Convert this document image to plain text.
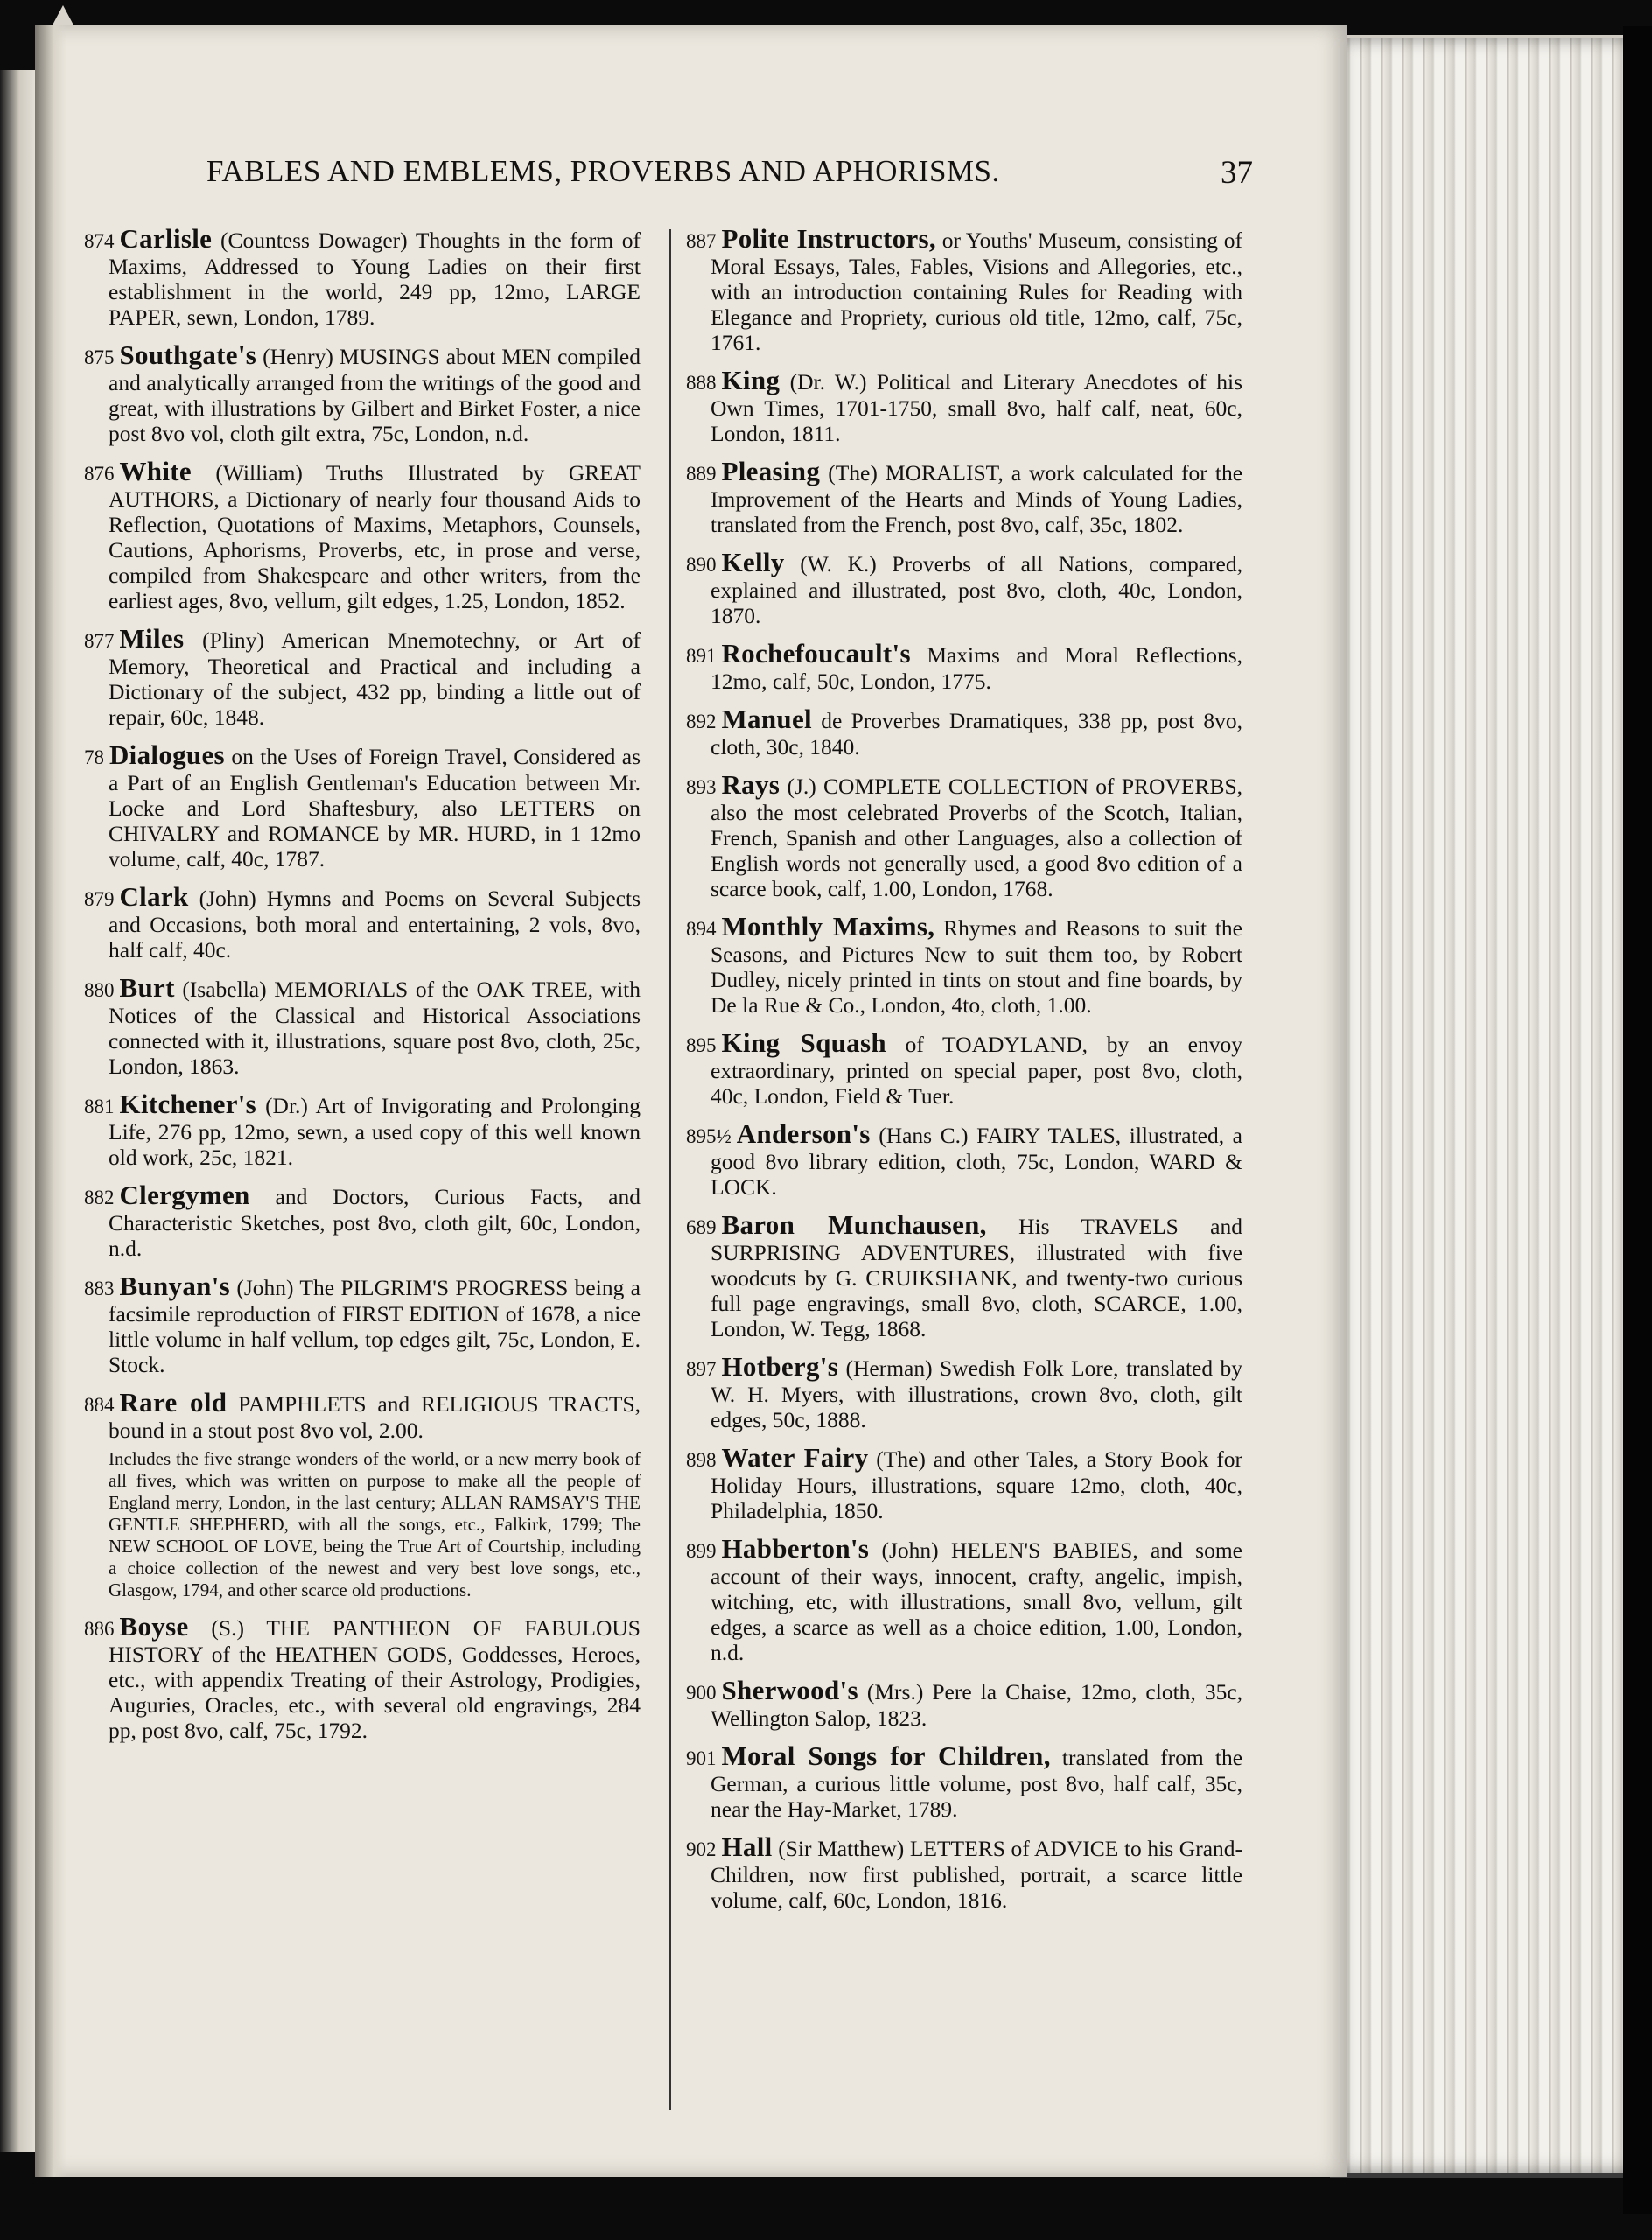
FABLES AND EMBLEMS, PROVERBS AND APHORISMS.	37

874 Carlisle (Countess Dowager) Thoughts in the form of Maxims, Addressed to Young Ladies on their first establishment in the world, 249 pp, 12mo, LARGE PAPER, sewn, London, 1789.

875 Southgate's (Henry) MUSINGS about MEN compiled and analytically arranged from the writings of the good and great, with illustrations by Gilbert and Birket Foster, a nice post 8vo vol, cloth gilt extra, 75c, London, n.d.

876 White (William) Truths Illustrated by GREAT AUTHORS, a Dictionary of nearly four thousand Aids to Reflection, Quotations of Maxims, Metaphors, Counsels, Cautions, Aphorisms, Proverbs, etc, in prose and verse, compiled from Shakespeare and other writers, from the earliest ages, 8vo, vellum, gilt edges, 1.25, London, 1852.

877 Miles (Pliny) American Mnemotechny, or Art of Memory, Theoretical and Practical and including a Dictionary of the subject, 432 pp, binding a little out of repair, 60c, 1848.

78 Dialogues on the Uses of Foreign Travel, Considered as a Part of an English Gentleman's Education between Mr. Locke and Lord Shaftesbury, also LETTERS on CHIVALRY and ROMANCE by MR. HURD, in 1 12mo volume, calf, 40c, 1787.

879 Clark (John) Hymns and Poems on Several Subjects and Occasions, both moral and entertaining, 2 vols, 8vo, half calf, 40c.

880 Burt (Isabella) MEMORIALS of the OAK TREE, with Notices of the Classical and Historical Associations connected with it, illustrations, square post 8vo, cloth, 25c, London, 1863.

881 Kitchener's (Dr.) Art of Invigorating and Prolonging Life, 276 pp, 12mo, sewn, a used copy of this well known old work, 25c, 1821.

882 Clergymen and Doctors, Curious Facts, and Characteristic Sketches, post 8vo, cloth gilt, 60c, London, n.d.

883 Bunyan's (John) The PILGRIM'S PROGRESS being a facsimile reproduction of FIRST EDITION of 1678, a nice little volume in half vellum, top edges gilt, 75c, London, E. Stock.

884 Rare old PAMPHLETS and RELIGIOUS TRACTS, bound in a stout post 8vo vol, 2.00.

Includes the five strange wonders of the world, or a new merry book of all fives, which was written on purpose to make all the people of England merry, London, in the last century; ALLAN RAMSAY'S THE GENTLE SHEPHERD, with all the songs, etc., Falkirk, 1799; The NEW SCHOOL OF LOVE, being the True Art of Courtship, including a choice collection of the newest and very best love songs, etc., Glasgow, 1794, and other scarce old productions.

886 Boyse (S.) THE PANTHEON OF FABULOUS HISTORY of the HEATHEN GODS, Goddesses, Heroes, etc., with appendix Treating of their Astrology, Prodigies, Auguries, Oracles, etc., with several old engravings, 284 pp, post 8vo, calf, 75c, 1792.

887 Polite Instructors, or Youths' Museum, consisting of Moral Essays, Tales, Fables, Visions and Allegories, etc., with an introduction containing Rules for Reading with Elegance and Propriety, curious old title, 12mo, calf, 75c, 1761.

888 King (Dr. W.) Political and Literary Anecdotes of his Own Times, 1701-1750, small 8vo, half calf, neat, 60c, London, 1811.

889 Pleasing (The) MORALIST, a work calculated for the Improvement of the Hearts and Minds of Young Ladies, translated from the French, post 8vo, calf, 35c, 1802.

890 Kelly (W. K.) Proverbs of all Nations, compared, explained and illustrated, post 8vo, cloth, 40c, London, 1870.

891 Rochefoucault's Maxims and Moral Reflections, 12mo, calf, 50c, London, 1775.

892 Manuel de Proverbes Dramatiques, 338 pp, post 8vo, cloth, 30c, 1840.

893 Rays (J.) COMPLETE COLLECTION of PROVERBS, also the most celebrated Proverbs of the Scotch, Italian, French, Spanish and other Languages, also a collection of English words not generally used, a good 8vo edition of a scarce book, calf, 1.00, London, 1768.

894 Monthly Maxims, Rhymes and Reasons to suit the Seasons, and Pictures New to suit them too, by Robert Dudley, nicely printed in tints on stout and fine boards, by De la Rue & Co., London, 4to, cloth, 1.00.

895 King Squash of TOADYLAND, by an envoy extraordinary, printed on special paper, post 8vo, cloth, 40c, London, Field & Tuer.

895½ Anderson's (Hans C.) FAIRY TALES, illustrated, a good 8vo library edition, cloth, 75c, London, WARD & LOCK.

689 Baron Munchausen, His TRAVELS and SURPRISING ADVENTURES, illustrated with five woodcuts by G. CRUIKSHANK, and twenty-two curious full page engravings, small 8vo, cloth, SCARCE, 1.00, London, W. Tegg, 1868.

897 Hotberg's (Herman) Swedish Folk Lore, translated by W. H. Myers, with illustrations, crown 8vo, cloth, gilt edges, 50c, 1888.

898 Water Fairy (The) and other Tales, a Story Book for Holiday Hours, illustrations, square 12mo, cloth, 40c, Philadelphia, 1850.

899 Habberton's (John) HELEN'S BABIES, and some account of their ways, innocent, crafty, angelic, impish, witching, etc, with illustrations, small 8vo, vellum, gilt edges, a scarce as well as a choice edition, 1.00, London, n.d.

900 Sherwood's (Mrs.) Pere la Chaise, 12mo, cloth, 35c, Wellington Salop, 1823.

901 Moral Songs for Children, translated from the German, a curious little volume, post 8vo, half calf, 35c, near the Hay-Market, 1789.

902 Hall (Sir Matthew) LETTERS of ADVICE to his Grand-Children, now first published, portrait, a scarce little volume, calf, 60c, London, 1816.
